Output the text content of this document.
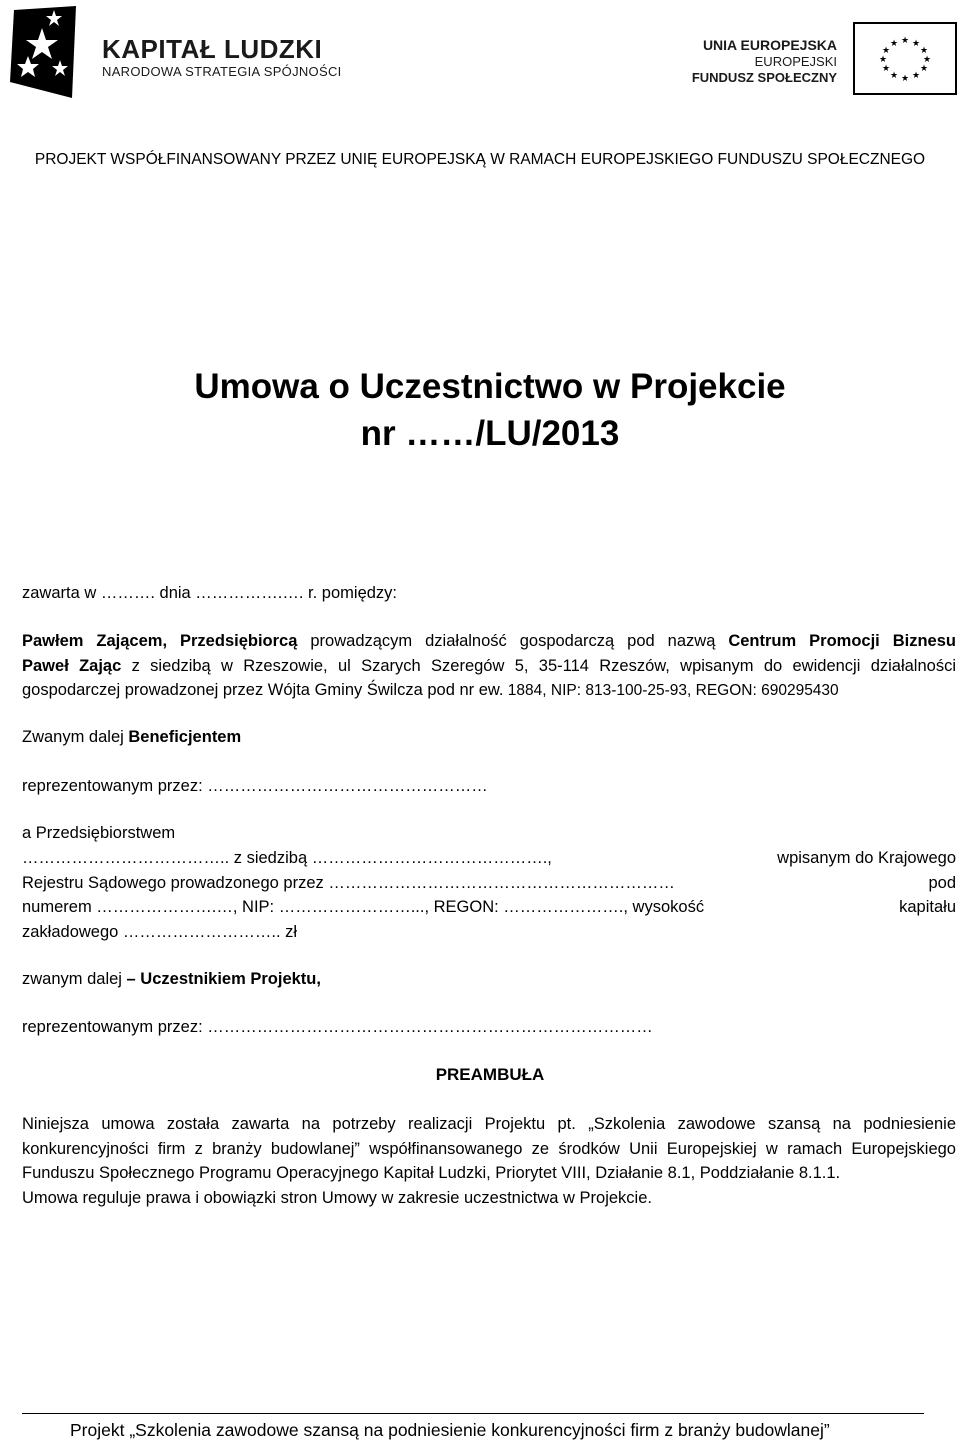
KAPITAŁ LUDZKI
NARODOWA STRATEGIA SPÓJNOŚCI
UNIA EUROPEJSKA
EUROPEJSKI
FUNDUSZ SPOŁECZNY
★ ★
★
★
★
★
★
★
★
★
★
★
PROJEKT WSPÓŁFINANSOWANY PRZEZ UNIĘ EUROPEJSKĄ W RAMACH EUROPEJSKIEGO FUNDUSZU SPOŁECZNEGO
Umowa o Uczestnictwo w Projekcie
nr ……/LU/2013
zawarta w ………. dnia …………….…. r. pomiędzy:
Pawłem Zającem, Przedsiębiorcą prowadzącym działalność gospodarczą pod nazwą Centrum Promocji Biznesu
Paweł Zając z siedzibą w Rzeszowie, ul Szarych Szeregów 5, 35-114 Rzeszów, wpisanym do ewidencji działalności
gospodarczej prowadzonej przez Wójta Gminy Świlcza pod nr ew. 1884, NIP: 813-100-25-93, REGON: 690295430
Zwanym dalej Beneficjentem
reprezentowanym przez: ……………………………………………
a Przedsiębiorstwem
……………………………….. z siedzibą …………………………………….,	wpisanym do Krajowego
Rejestru Sądowego prowadzonego przez ………………………………………………………	pod
numerem ………………….…, NIP: ……………………..., REGON: …………………., wysokość	kapitału
zakładowego ……………………….. zł
zwanym dalej – Uczestnikiem Projektu,
reprezentowanym przez: ………………………………………………………………………
PREAMBUŁA
Niniejsza umowa została zawarta na potrzeby realizacji Projektu pt. „Szkolenia zawodowe szansą na podniesienie
konkurencyjności firm z branży budowlanej” współfinansowanego ze środków Unii Europejskiej w ramach Europejskiego
Funduszu Społecznego Programu Operacyjnego Kapitał Ludzki, Priorytet VIII, Działanie 8.1, Poddziałanie 8.1.1.
Umowa reguluje prawa i obowiązki stron Umowy w zakresie uczestnictwa w Projekcie.
Projekt „Szkolenia zawodowe szansą na podniesienie konkurencyjności firm z branży budowlanej”
